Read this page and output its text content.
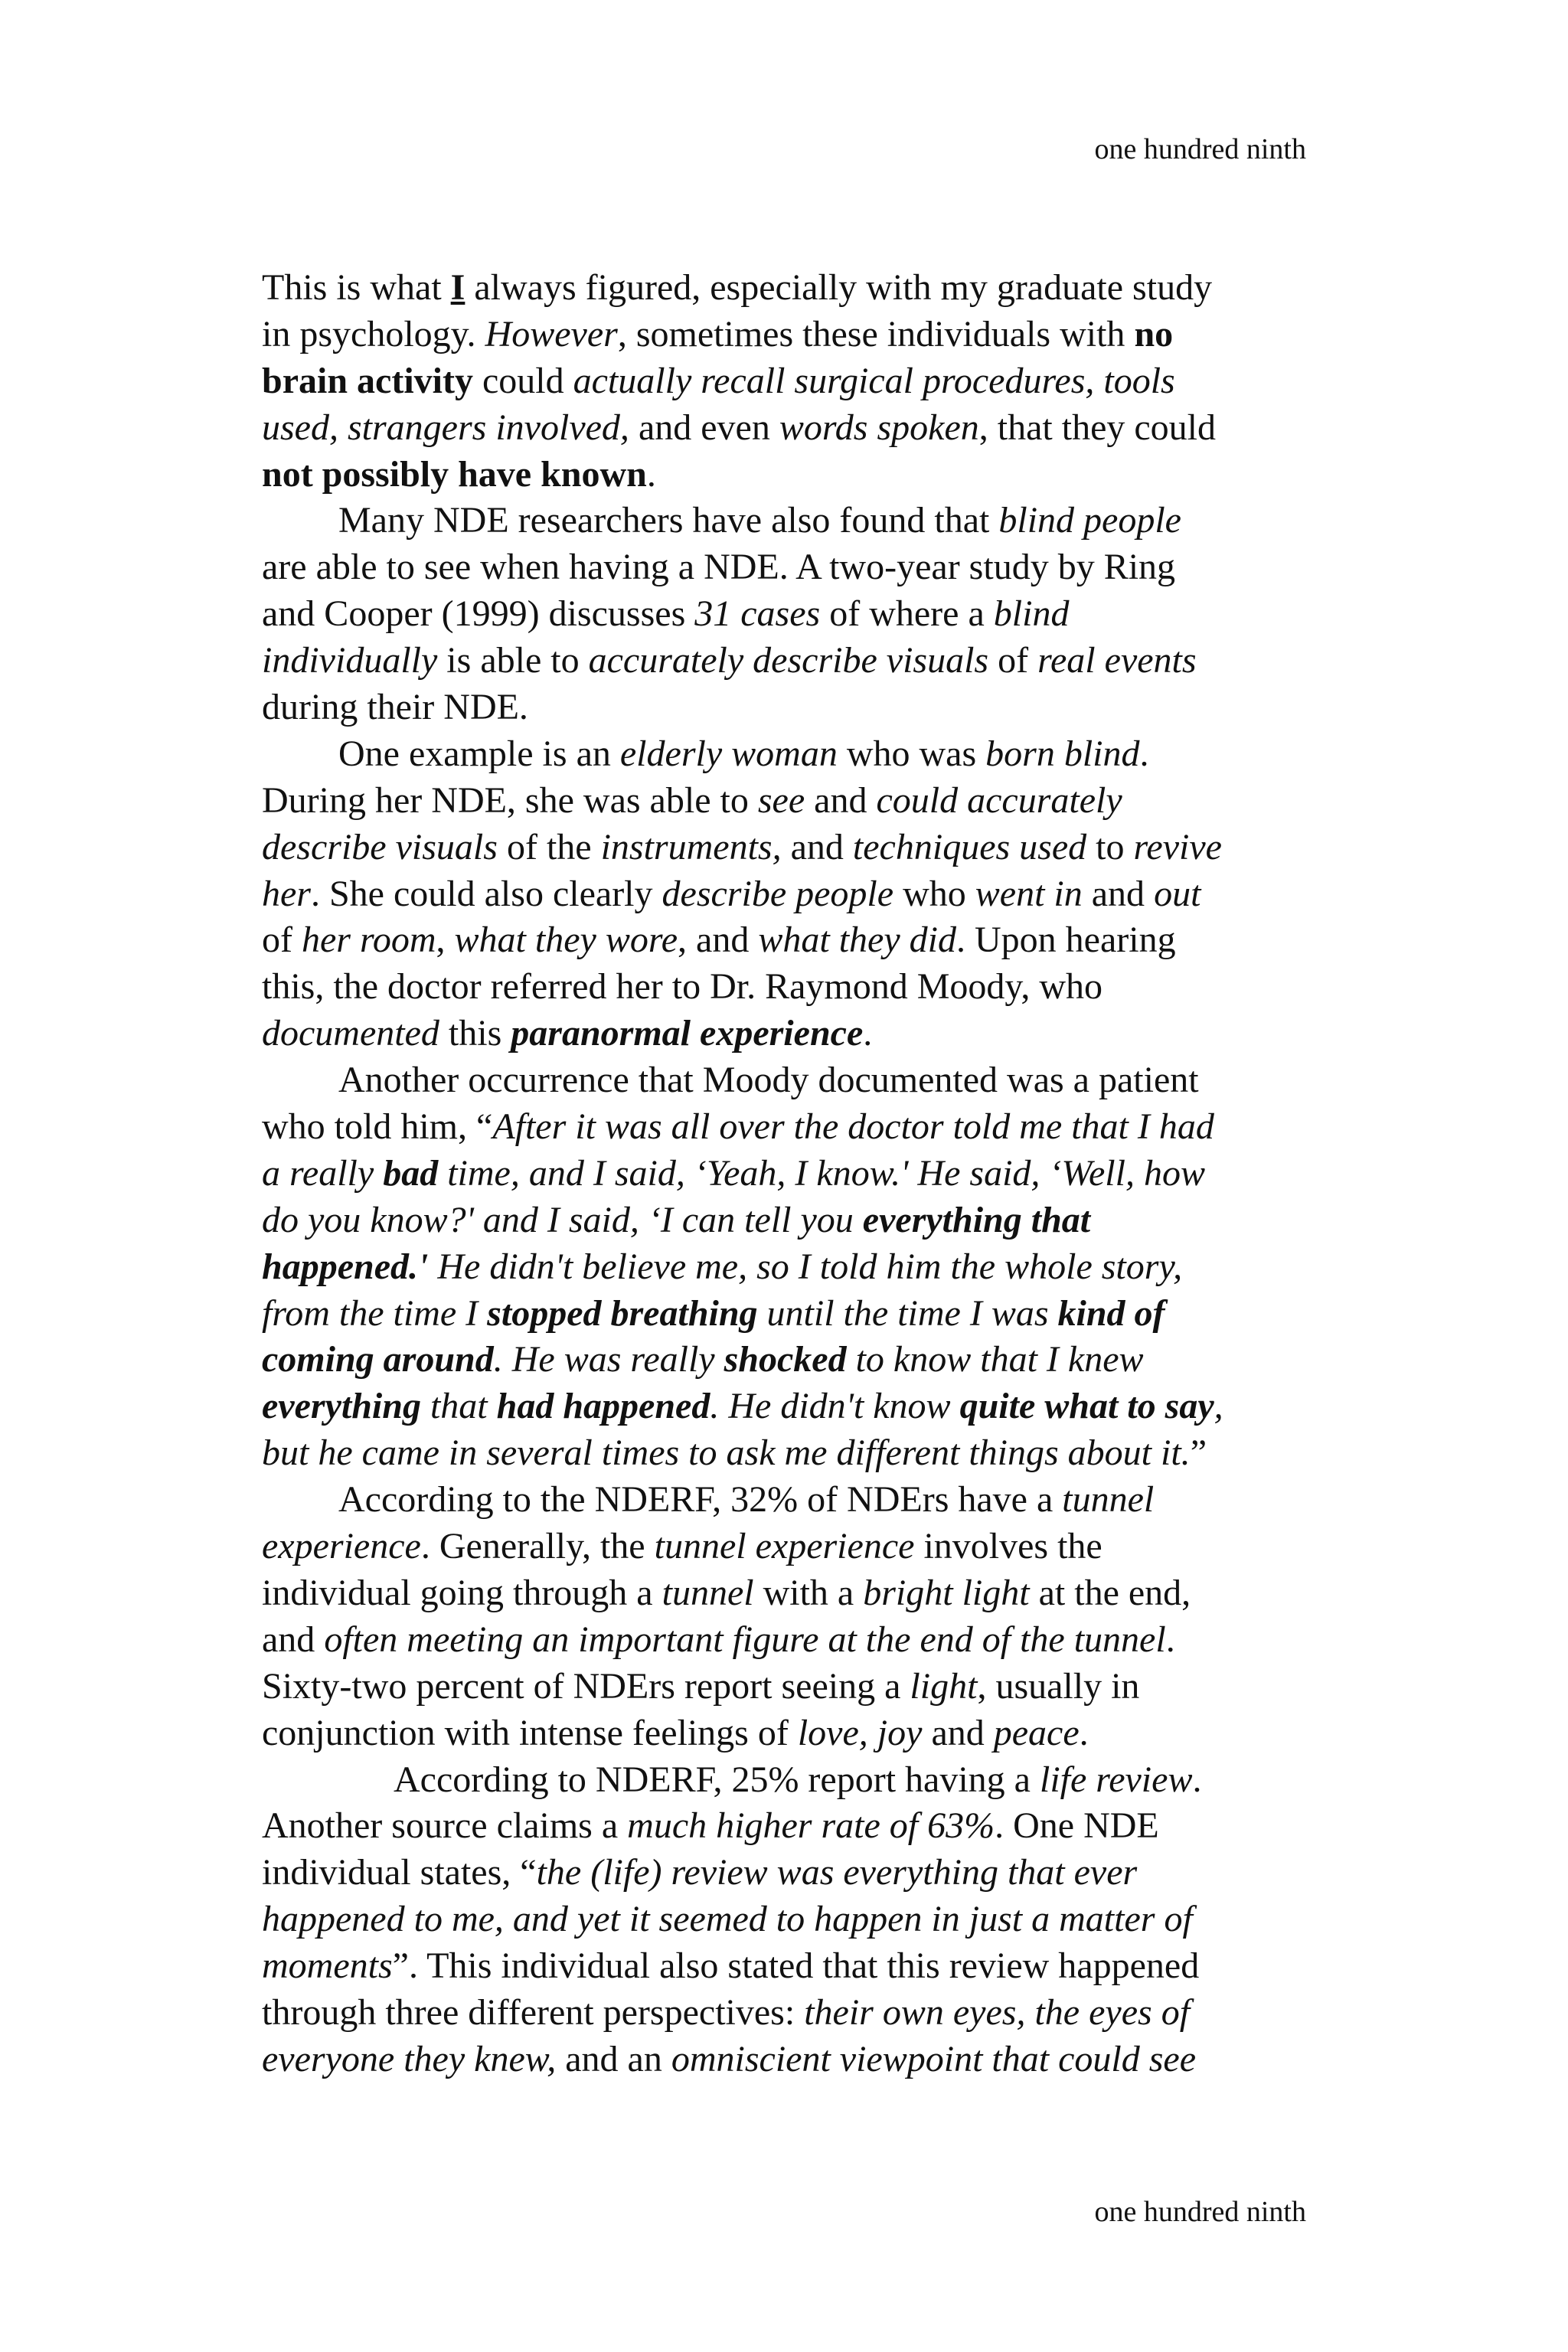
one hundred ninth
This is what I always figured, especially with my graduate study
in psychology. However, sometimes these individuals with no
brain activity could actually recall surgical procedures, tools
used, strangers involved, and even words spoken, that they could
not possibly have known.
Many NDE researchers have also found that blind people
are able to see when having a NDE. A two-year study by Ring
and Cooper (1999) discusses 31 cases of where a blind
individually is able to accurately describe visuals of real events
during their NDE.
One example is an elderly woman who was born blind.
During her NDE, she was able to see and could accurately
describe visuals of the instruments, and techniques used to revive
her. She could also clearly describe people who went in and out
of her room, what they wore, and what they did. Upon hearing
this, the doctor referred her to Dr. Raymond Moody, who
documented this paranormal experience.
Another occurrence that Moody documented was a patient
who told him, “After it was all over the doctor told me that I had
a really bad time, and I said, ‘Yeah, I know.' He said, ‘Well, how
do you know?' and I said, ‘I can tell you everything that
happened.' He didn't believe me, so I told him the whole story,
from the time I stopped breathing until the time I was kind of
coming around. He was really shocked to know that I knew
everything that had happened. He didn't know quite what to say,
but he came in several times to ask me different things about it.”
According to the NDERF, 32% of NDErs have a tunnel
experience. Generally, the tunnel experience involves the
individual going through a tunnel with a bright light at the end,
and often meeting an important figure at the end of the tunnel.
Sixty-two percent of NDErs report seeing a light, usually in
conjunction with intense feelings of love, joy and peace.
According to NDERF, 25% report having a life review.
Another source claims a much higher rate of 63%. One NDE
individual states, “the (life) review was everything that ever
happened to me, and yet it seemed to happen in just a matter of
moments”. This individual also stated that this review happened
through three different perspectives: their own eyes, the eyes of
everyone they knew, and an omniscient viewpoint that could see
one hundred ninth
